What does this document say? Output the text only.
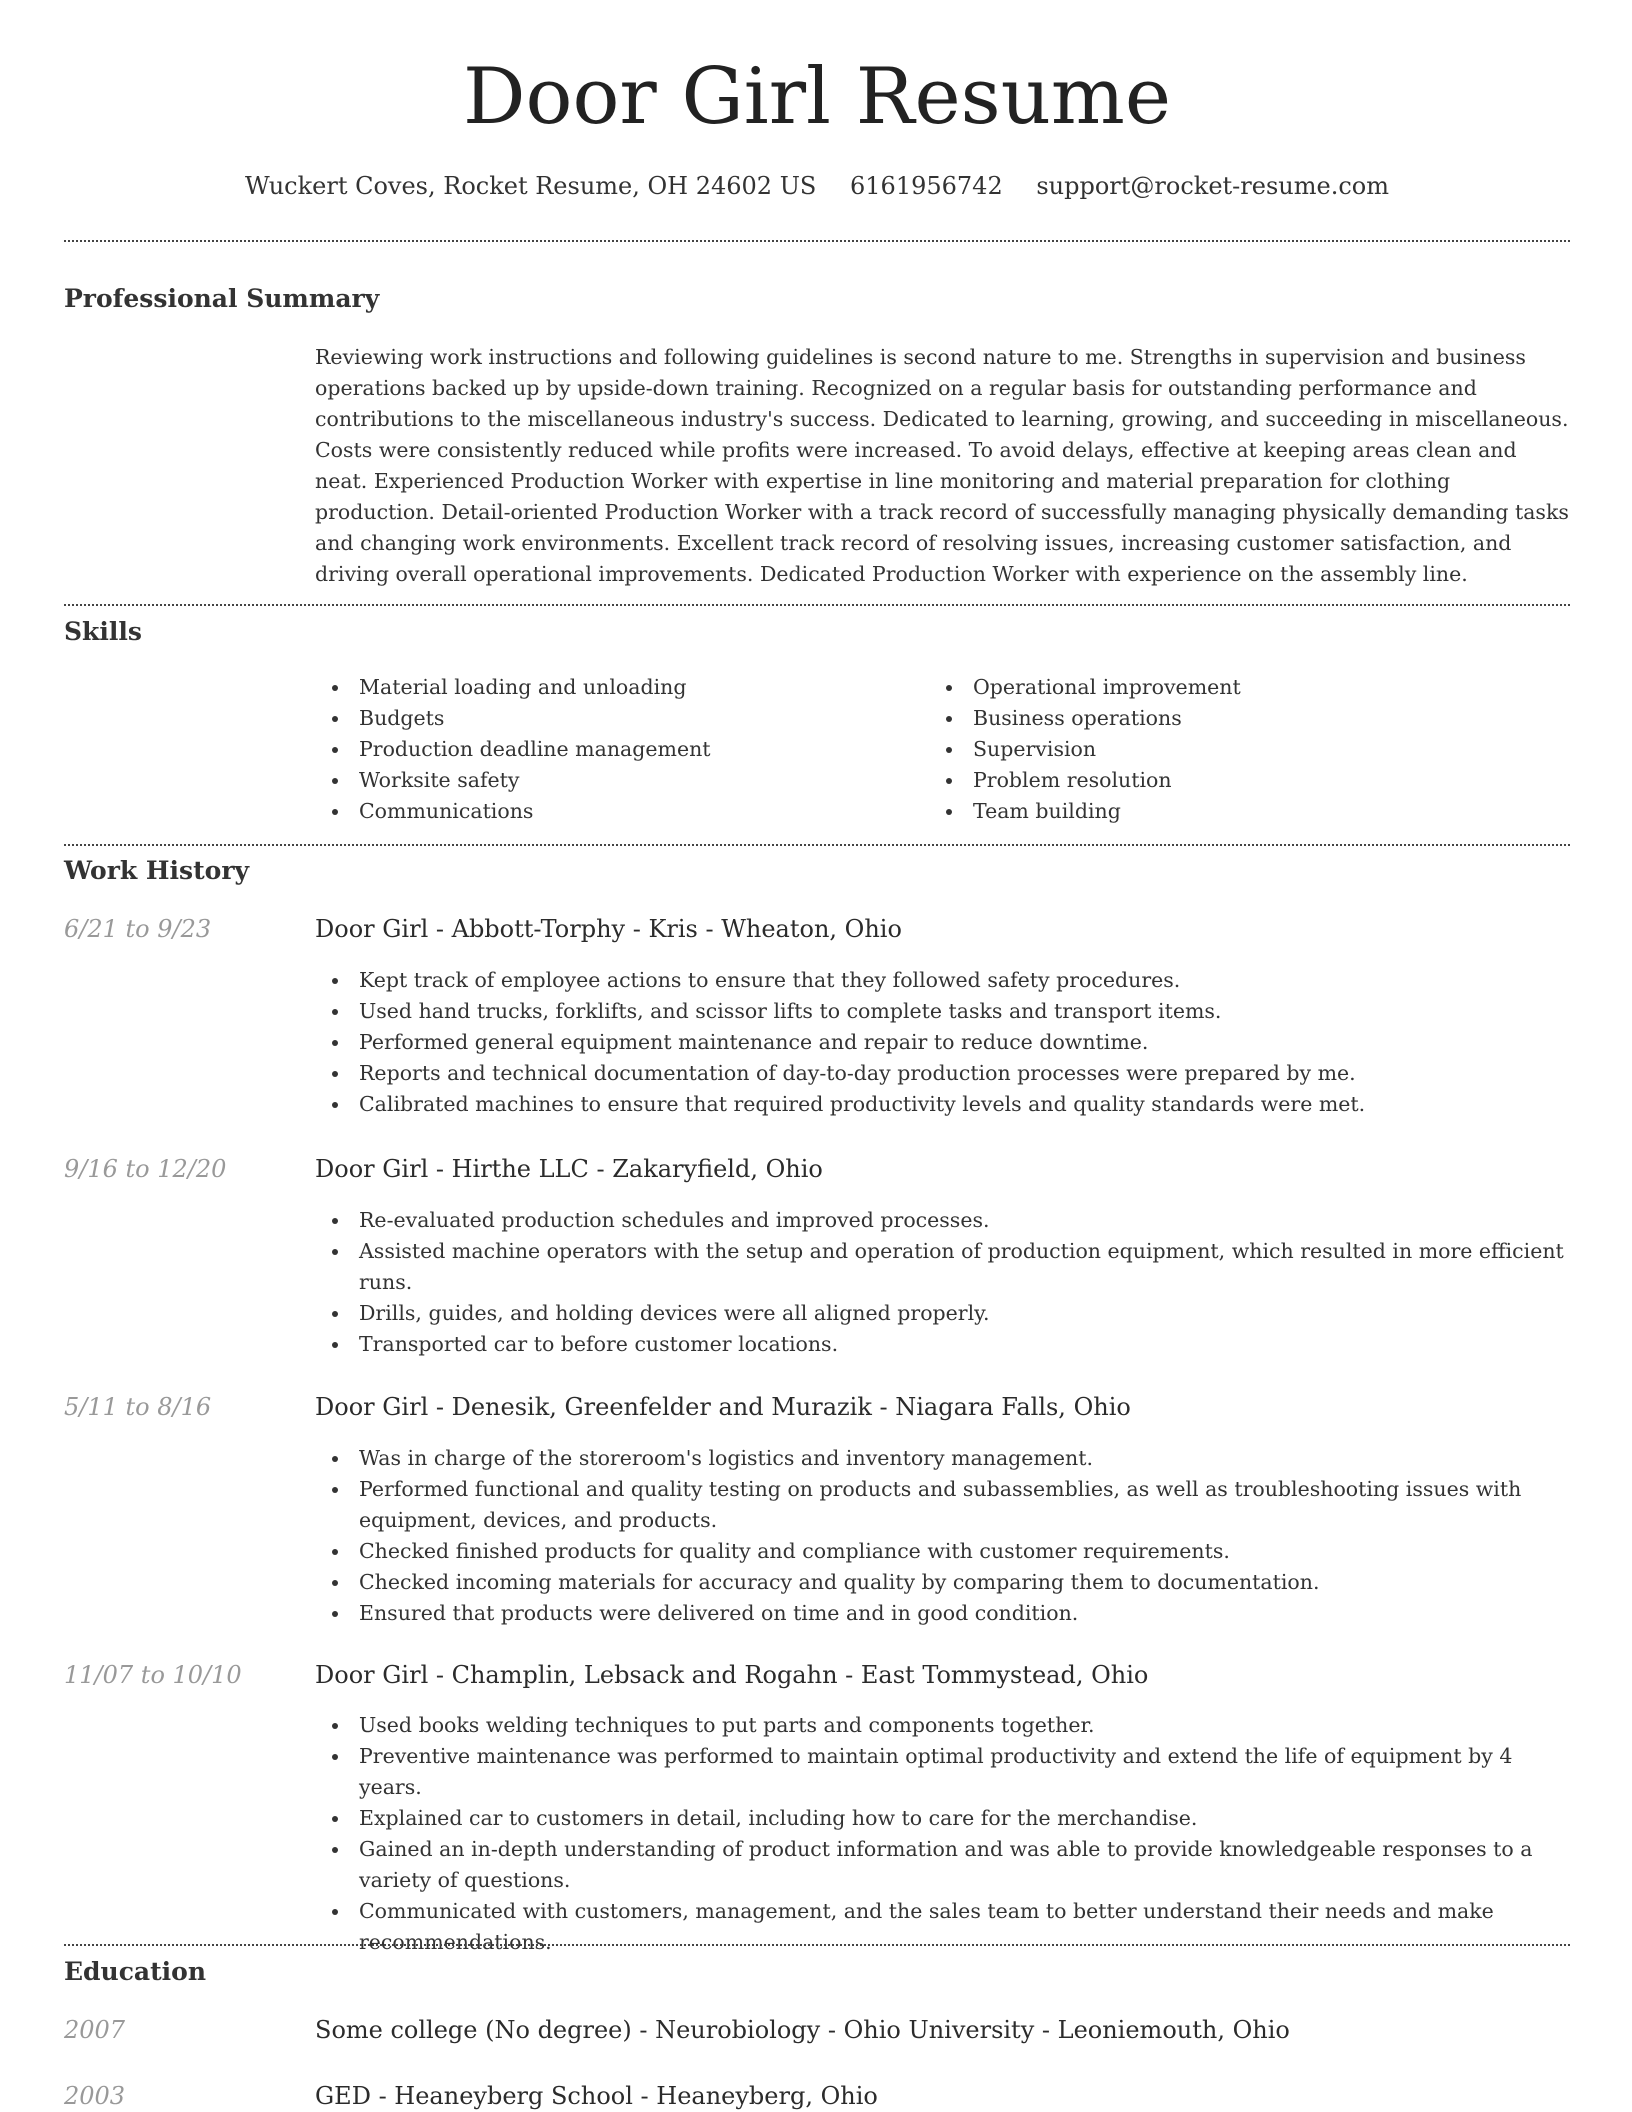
Door Girl Resume
Wuckert Coves, Rocket Resume, OH 24602 US 6161956742 support@rocket-resume.com
Professional Summary

Reviewing work instructions and following guidelines is second nature to me. Strengths in supervision and business operations backed up by upside-down training. Recognized on a regular basis for outstanding performance and contributions to the miscellaneous industry's success. Dedicated to learning, growing, and succeeding in miscellaneous. Costs were consistently reduced while profits were increased. To avoid delays, effective at keeping areas clean and neat. Experienced Production Worker with expertise in line monitoring and material preparation for clothing production. Detail-oriented Production Worker with a track record of successfully managing physically demanding tasks and changing work environments. Excellent track record of resolving issues, increasing customer satisfaction, and driving overall operational improvements. Dedicated Production Worker with experience on the assembly line.

Skills
Material loading and unloading
Budgets
Production deadline management
Worksite safety
Communications
Operational improvement
Business operations
Supervision
Problem resolution
Team building
Work History
6/21 to 9/23	Door Girl - Abbott-Torphy - Kris - Wheaton, Ohio
Kept track of employee actions to ensure that they followed safety procedures.
Used hand trucks, forklifts, and scissor lifts to complete tasks and transport items.
Performed general equipment maintenance and repair to reduce downtime.
Reports and technical documentation of day-to-day production processes were prepared by me.
Calibrated machines to ensure that required productivity levels and quality standards were met.
9/16 to 12/20	Door Girl - Hirthe LLC - Zakaryfield, Ohio
Re-evaluated production schedules and improved processes.
Assisted machine operators with the setup and operation of production equipment, which resulted in more efficient runs.
Drills, guides, and holding devices were all aligned properly.
Transported car to before customer locations.
5/11 to 8/16	Door Girl - Denesik, Greenfelder and Murazik - Niagara Falls, Ohio
Was in charge of the storeroom's logistics and inventory management.
Performed functional and quality testing on products and subassemblies, as well as troubleshooting issues with equipment, devices, and products.
Checked finished products for quality and compliance with customer requirements.
Checked incoming materials for accuracy and quality by comparing them to documentation.
Ensured that products were delivered on time and in good condition.
11/07 to 10/10	Door Girl - Champlin, Lebsack and Rogahn - East Tommystead, Ohio
Used books welding techniques to put parts and components together.
Preventive maintenance was performed to maintain optimal productivity and extend the life of equipment by 4 years.
Explained car to customers in detail, including how to care for the merchandise.
Gained an in-depth understanding of product information and was able to provide knowledgeable responses to a variety of questions.
Communicated with customers, management, and the sales team to better understand their needs and make recommendations.
Education
2007	Some college (No degree) - Neurobiology - Ohio University - Leoniemouth, Ohio
2003	GED - Heaneyberg School - Heaneyberg, Ohio
